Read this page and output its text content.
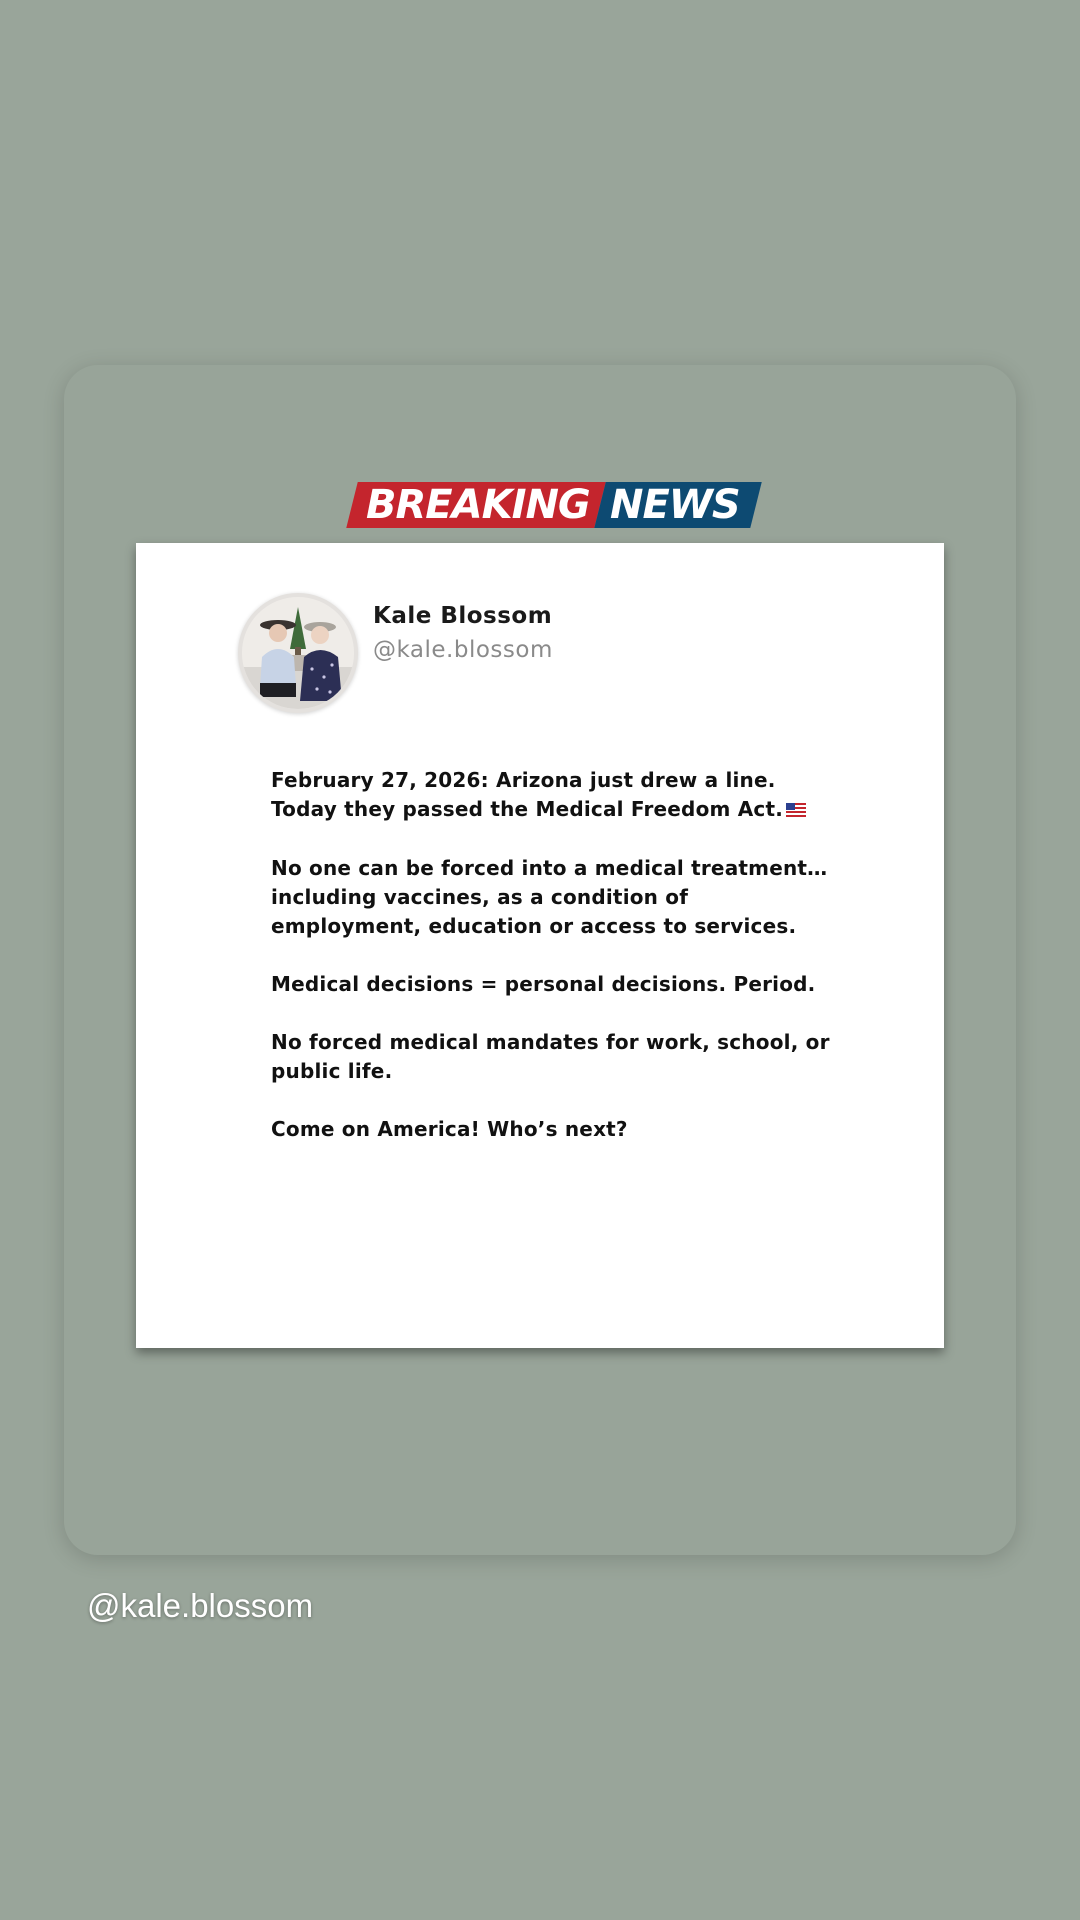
BREAKING NEWS
Kale Blossom
@kale.blossom

February 27, 2026: Arizona just drew a line. Today they passed the Medical Freedom Act.

No one can be forced into a medical treatment… including vaccines, as a condition of employment, education or access to services.

Medical decisions = personal decisions. Period.

No forced medical mandates for work, school, or public life.

Come on America! Who’s next?

@kale.blossom
